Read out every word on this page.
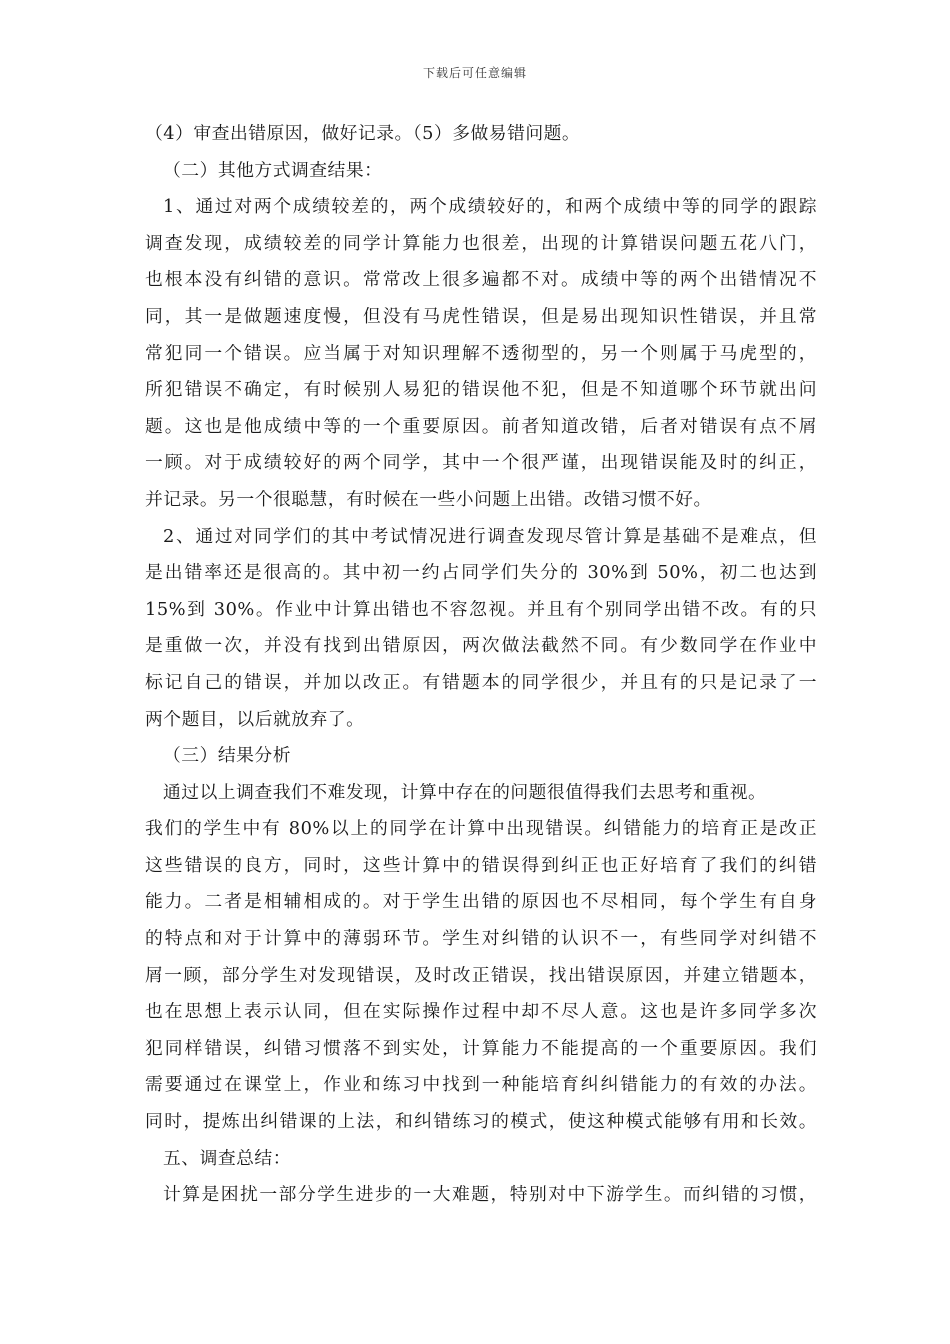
下载后可任意编辑
（4）审查出错原因，做好记录。（5）多做易错问题。
（二）其他方式调查结果：
1、通过对两个成绩较差的，两个成绩较好的，和两个成绩中等的同学的跟踪
调查发现，成绩较差的同学计算能力也很差，出现的计算错误问题五花八门，
也根本没有纠错的意识。常常改上很多遍都不对。成绩中等的两个出错情况不
同，其一是做题速度慢，但没有马虎性错误，但是易出现知识性错误，并且常
常犯同一个错误。应当属于对知识理解不透彻型的，另一个则属于马虎型的，
所犯错误不确定，有时候别人易犯的错误他不犯，但是不知道哪个环节就出问
题。这也是他成绩中等的一个重要原因。前者知道改错，后者对错误有点不屑
一顾。对于成绩较好的两个同学，其中一个很严谨，出现错误能及时的纠正，
并记录。另一个很聪慧，有时候在一些小问题上出错。改错习惯不好。
2、通过对同学们的其中考试情况进行调查发现尽管计算是基础不是难点，但
是出错率还是很高的。其中初一约占同学们失分的 30%到 50%，初二也达到
15%到 30%。作业中计算出错也不容忽视。并且有个别同学出错不改。有的只
是重做一次，并没有找到出错原因，两次做法截然不同。有少数同学在作业中
标记自己的错误，并加以改正。有错题本的同学很少，并且有的只是记录了一
两个题目，以后就放弃了。
（三）结果分析
通过以上调查我们不难发现，计算中存在的问题很值得我们去思考和重视。
我们的学生中有 80%以上的同学在计算中出现错误。纠错能力的培育正是改正
这些错误的良方，同时，这些计算中的错误得到纠正也正好培育了我们的纠错
能力。二者是相辅相成的。对于学生出错的原因也不尽相同，每个学生有自身
的特点和对于计算中的薄弱环节。学生对纠错的认识不一，有些同学对纠错不
屑一顾，部分学生对发现错误，及时改正错误，找出错误原因，并建立错题本，
也在思想上表示认同，但在实际操作过程中却不尽人意。这也是许多同学多次
犯同样错误，纠错习惯落不到实处，计算能力不能提高的一个重要原因。我们
需要通过在课堂上，作业和练习中找到一种能培育纠纠错能力的有效的办法。
同时，提炼出纠错课的上法，和纠错练习的模式，使这种模式能够有用和长效。
五、调查总结：
计算是困扰一部分学生进步的一大难题，特别对中下游学生。而纠错的习惯，
